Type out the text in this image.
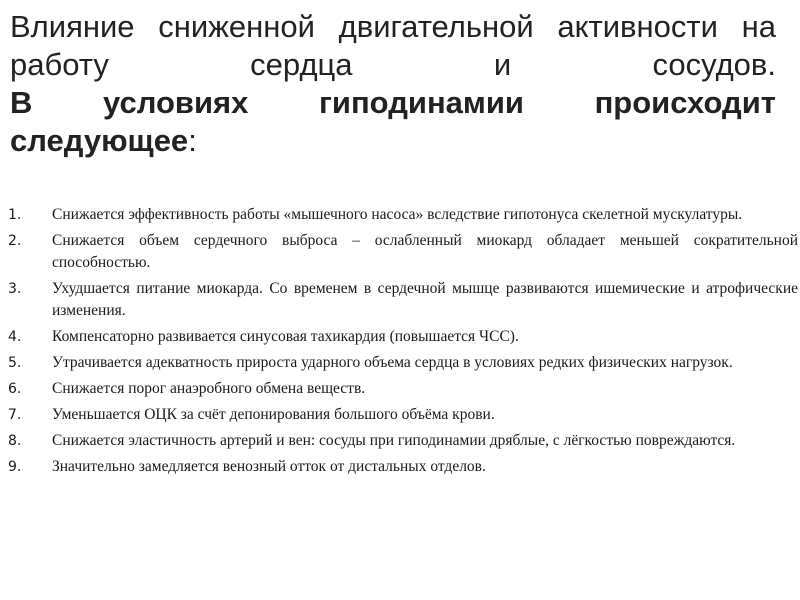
Влияние сниженной двигательной активности на
работу	сердца	и	сосудов.
В условиях гиподинамии происходит
следующее :
1.	Снижается эффективность работы «мышечного насоса» вследствие гипотонуса скелетной мускулатуры.
2.	Снижается объем сердечного выброса – ослабленный миокард обладает меньшей сократительной способностью.
3.	Ухудшается питание миокарда. Со временем в сердечной мышце развиваются ишемические и атрофические изменения.
4.	Компенсаторно развивается синусовая тахикардия (повышается ЧСС).
5.	Утрачивается адекватность прироста ударного объема сердца в условиях редких физических нагрузок.
6.	Снижается порог анаэробного обмена веществ.
7.	Уменьшается ОЦК за счёт депонирования большого объёма крови.
8.	Снижается эластичность артерий и вен: сосуды при гиподинамии дряблые, с лёгкостью повреждаются.
9.	Значительно замедляется венозный отток от дистальных отделов.
